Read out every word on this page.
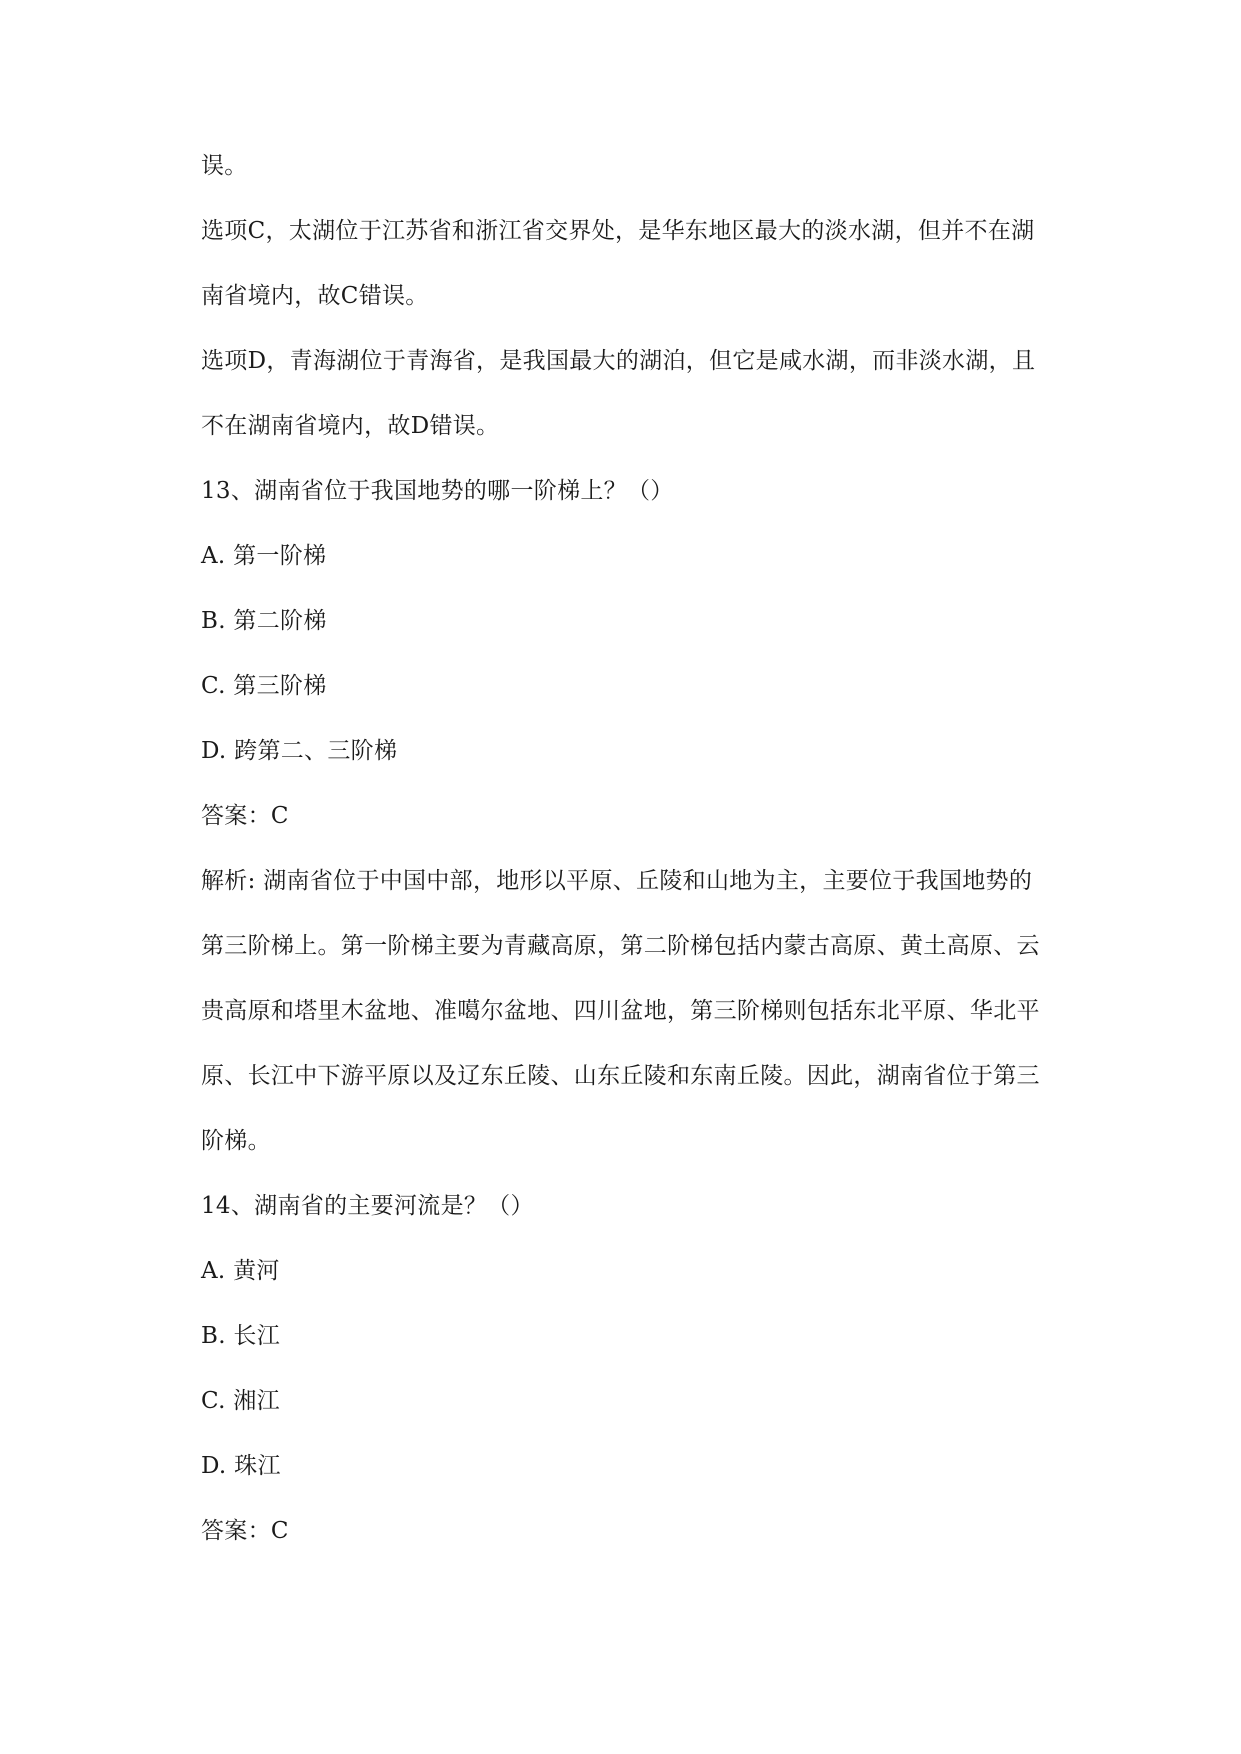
误。
选项C，太湖位于江苏省和浙江省交界处，是华东地区最大的淡水湖，但并不在湖
南省境内，故C错误。
选项D，青海湖位于青海省，是我国最大的湖泊，但它是咸水湖，而非淡水湖，且
不在湖南省境内，故D错误。
13、湖南省位于我国地势的哪一阶梯上？（）
A. 第一阶梯
B. 第二阶梯
C. 第三阶梯
D. 跨第二、三阶梯
答案：C
解析: 湖南省位于中国中部，地形以平原、丘陵和山地为主，主要位于我国地势的
第三阶梯上。第一阶梯主要为青藏高原，第二阶梯包括内蒙古高原、黄土高原、云
贵高原和塔里木盆地、准噶尔盆地、四川盆地，第三阶梯则包括东北平原、华北平
原、长江中下游平原以及辽东丘陵、山东丘陵和东南丘陵。因此，湖南省位于第三
阶梯。
14、湖南省的主要河流是？（）
A. 黄河
B. 长江
C. 湘江
D. 珠江
答案：C
